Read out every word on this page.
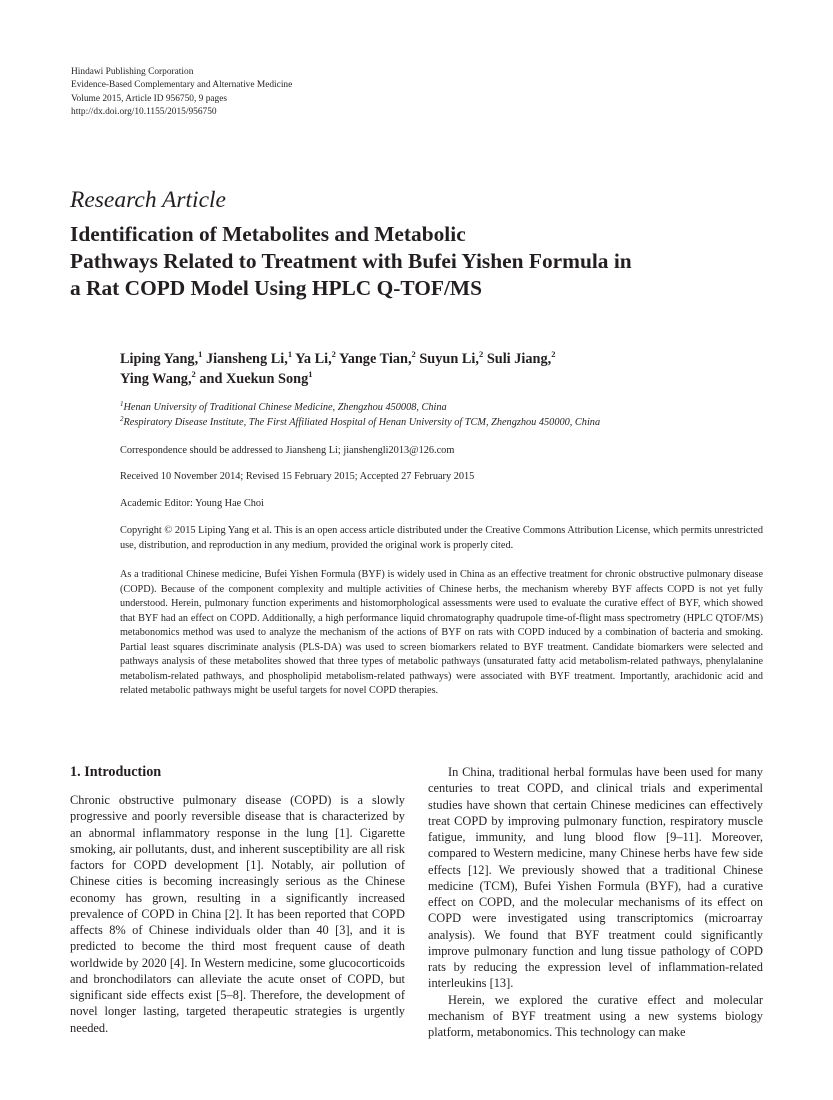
Hindawi Publishing Corporation
Evidence-Based Complementary and Alternative Medicine
Volume 2015, Article ID 956750, 9 pages
http://dx.doi.org/10.1155/2015/956750
Research Article
Identification of Metabolites and Metabolic
Pathways Related to Treatment with Bufei Yishen Formula in
a Rat COPD Model Using HPLC Q-TOF/MS
Liping Yang,$^1$ Jiansheng Li,$^1$ Ya Li,$^2$ Yange Tian,$^2$ Suyun Li,$^2$ Suli Jiang,$^2$
Ying Wang,$^2$ and Xuekun Song$^1$
$^1$Henan University of Traditional Chinese Medicine, Zhengzhou 450008, China
$^2$Respiratory Disease Institute, The First Affiliated Hospital of Henan University of TCM, Zhengzhou 450000, China
Correspondence should be addressed to Jiansheng Li; jianshengli2013@126.com
Received 10 November 2014; Revised 15 February 2015; Accepted 27 February 2015
Academic Editor: Young Hae Choi
Copyright © 2015 Liping Yang et al. This is an open access article distributed under the Creative Commons Attribution License, which permits unrestricted use, distribution, and reproduction in any medium, provided the original work is properly cited.
As a traditional Chinese medicine, Bufei Yishen Formula (BYF) is widely used in China as an effective treatment for chronic obstructive pulmonary disease (COPD). Because of the component complexity and multiple activities of Chinese herbs, the mechanism whereby BYF affects COPD is not yet fully understood. Herein, pulmonary function experiments and histomorphological assessments were used to evaluate the curative effect of BYF, which showed that BYF had an effect on COPD. Additionally, a high performance liquid chromatography quadrupole time-of-flight mass spectrometry (HPLC QTOF/MS) metabonomics method was used to analyze the mechanism of the actions of BYF on rats with COPD induced by a combination of bacteria and smoking. Partial least squares discriminate analysis (PLS-DA) was used to screen biomarkers related to BYF treatment. Candidate biomarkers were selected and pathways analysis of these metabolites showed that three types of metabolic pathways (unsaturated fatty acid metabolism-related pathways, phenylalanine metabolism-related pathways, and phospholipid metabolism-related pathways) were associated with BYF treatment. Importantly, arachidonic acid and related metabolic pathways might be useful targets for novel COPD therapies.
1. Introduction

Chronic obstructive pulmonary disease (COPD) is a slowly progressive and poorly reversible disease that is characterized by an abnormal inflammatory response in the lung [1]. Cigarette smoking, air pollutants, dust, and inherent susceptibility are all risk factors for COPD development [1]. Notably, air pollution of Chinese cities is becoming increasingly serious as the Chinese economy has grown, resulting in a significantly increased prevalence of COPD in China [2]. It has been reported that COPD affects 8% of Chinese individuals older than 40 [3], and it is predicted to become the third most frequent cause of death worldwide by 2020 [4]. In Western medicine, some glucocorticoids and bronchodilators can alleviate the acute onset of COPD, but significant side effects exist [5–8]. Therefore, the development of novel longer lasting, targeted therapeutic strategies is urgently needed.

In China, traditional herbal formulas have been used for many centuries to treat COPD, and clinical trials and experimental studies have shown that certain Chinese medicines can effectively treat COPD by improving pulmonary function, respiratory muscle fatigue, immunity, and lung blood flow [9–11]. Moreover, compared to Western medicine, many Chinese herbs have few side effects [12]. We previously showed that a traditional Chinese medicine (TCM), Bufei Yishen Formula (BYF), had a curative effect on COPD, and the molecular mechanisms of its effect on COPD were investigated using transcriptomics (microarray analysis). We found that BYF treatment could significantly improve pulmonary function and lung tissue pathology of COPD rats by reducing the expression level of inflammation-related interleukins [13].

Herein, we explored the curative effect and molecular mechanism of BYF treatment using a new systems biology platform, metabonomics. This technology can make
